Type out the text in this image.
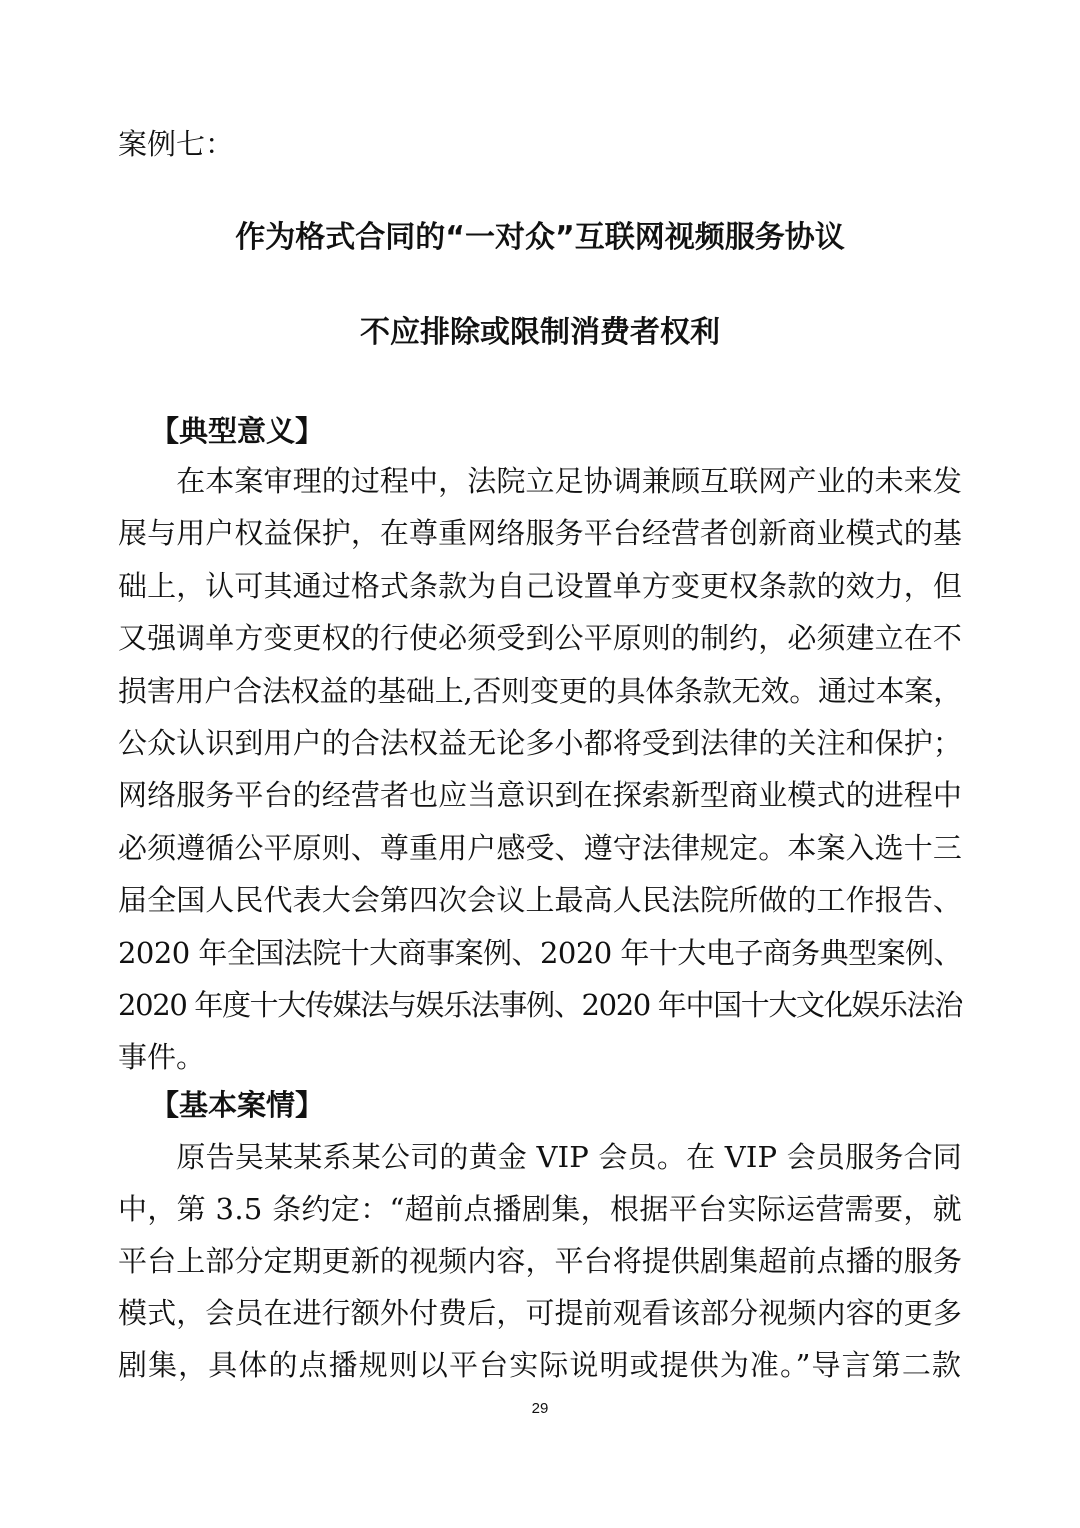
案例七：
作为格式合同的“一对众”互联网视频服务协议
不应排除或限制消费者权利
【典型意义】
　　在本案审理的过程中，法院立足协调兼顾互联网产业的未来发
展与用户权益保护，在尊重网络服务平台经营者创新商业模式的基
础上，认可其通过格式条款为自己设置单方变更权条款的效力，但
又强调单方变更权的行使必须受到公平原则的制约，必须建立在不
损害用户合法权益的基础上,否则变更的具体条款无效。通过本案，
公众认识到用户的合法权益无论多小都将受到法律的关注和保护；
网络服务平台的经营者也应当意识到在探索新型商业模式的进程中
必须遵循公平原则、尊重用户感受、遵守法律规定。本案入选十三
届全国人民代表大会第四次会议上最高人民法院所做的工作报告、
2020 年全国法院十大商事案例、2020 年十大电子商务典型案例、
2020 年度十大传媒法与娱乐法事例、2020 年中国十大文化娱乐法治
事件。
【基本案情】
　　原告吴某某系某公司的黄金 VIP 会员。在 VIP 会员服务合同
中，第 3.5 条约定：“超前点播剧集，根据平台实际运营需要，就
平台上部分定期更新的视频内容，平台将提供剧集超前点播的服务
模式，会员在进行额外付费后，可提前观看该部分视频内容的更多
剧集，具体的点播规则以平台实际说明或提供为准。”导言第二款
29
